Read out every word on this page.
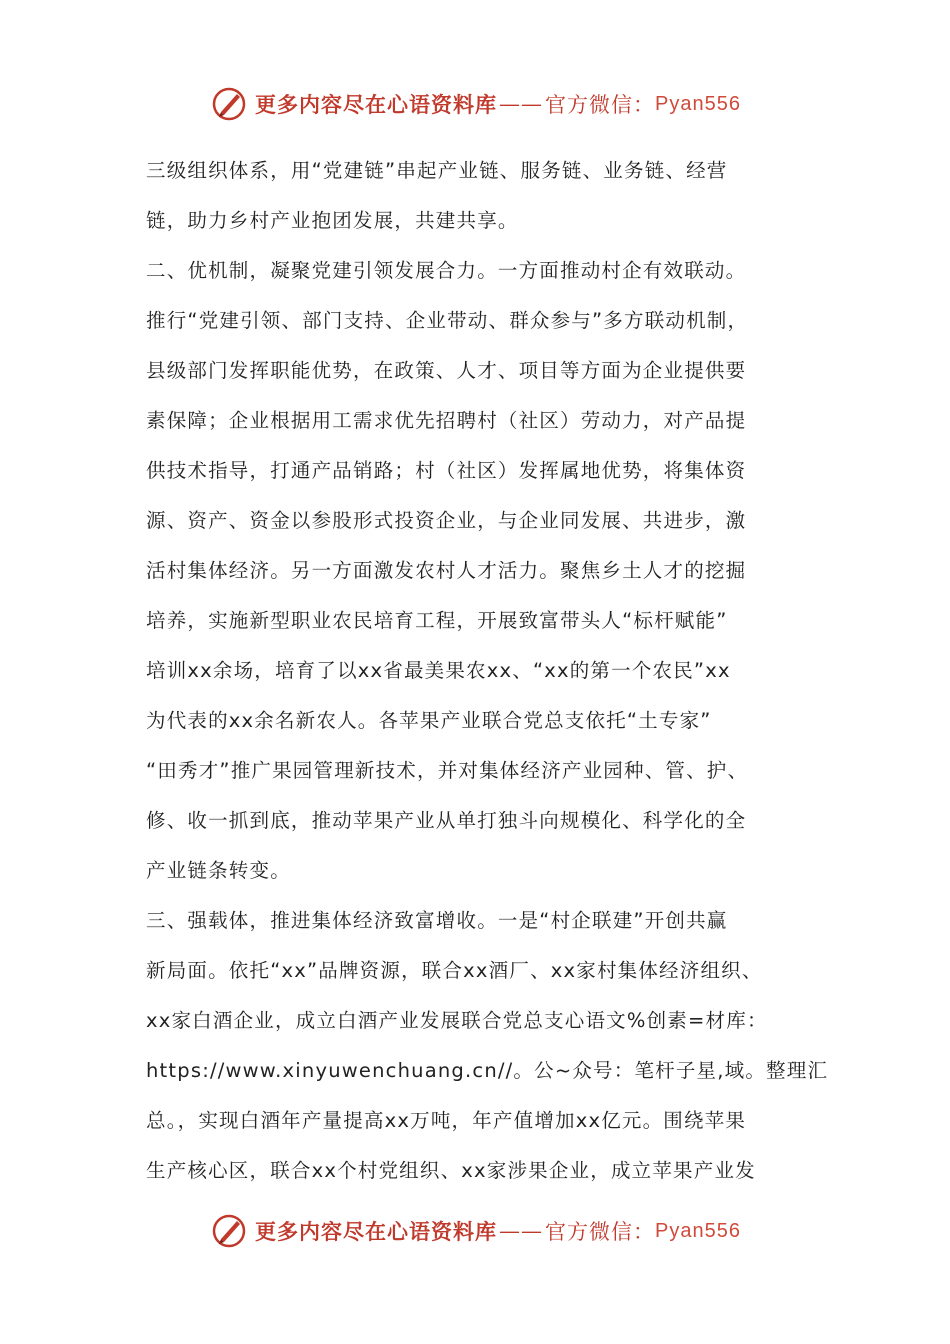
更多内容尽在心语资料库 —— 官方微信： Pyan556
三级组织体系，用“党建链”串起产业链、服务链、业务链、经营
链，助力乡村产业抱团发展，共建共享。
二、优机制，凝聚党建引领发展合力。一方面推动村企有效联动。
推行“党建引领、部门支持、企业带动、群众参与”多方联动机制，
县级部门发挥职能优势，在政策、人才、项目等方面为企业提供要
素保障；企业根据用工需求优先招聘村（社区）劳动力，对产品提
供技术指导，打通产品销路；村（社区）发挥属地优势，将集体资
源、资产、资金以参股形式投资企业，与企业同发展、共进步，激
活村集体经济。另一方面激发农村人才活力。聚焦乡土人才的挖掘
培养，实施新型职业农民培育工程，开展致富带头人“标杆赋能”
培训xx余场，培育了以xx省最美果农xx、“xx的第一个农民”xx
为代表的xx余名新农人。各苹果产业联合党总支依托“土专家”
“田秀才”推广果园管理新技术，并对集体经济产业园种、管、护、
修、收一抓到底，推动苹果产业从单打独斗向规模化、科学化的全
产业链条转变。
三、强载体，推进集体经济致富增收。一是“村企联建”开创共赢
新局面。依托“xx”品牌资源，联合xx酒厂、xx家村集体经济组织、
xx家白酒企业，成立白酒产业发展联合党总支心语文%创素=材库：
https://www.xinyuwenchuang.cn//。公~众号：笔杆子星,域。整理汇
总。，实现白酒年产量提高xx万吨，年产值增加xx亿元。围绕苹果
生产核心区，联合xx个村党组织、xx家涉果企业，成立苹果产业发
更多内容尽在心语资料库 —— 官方微信： Pyan556
